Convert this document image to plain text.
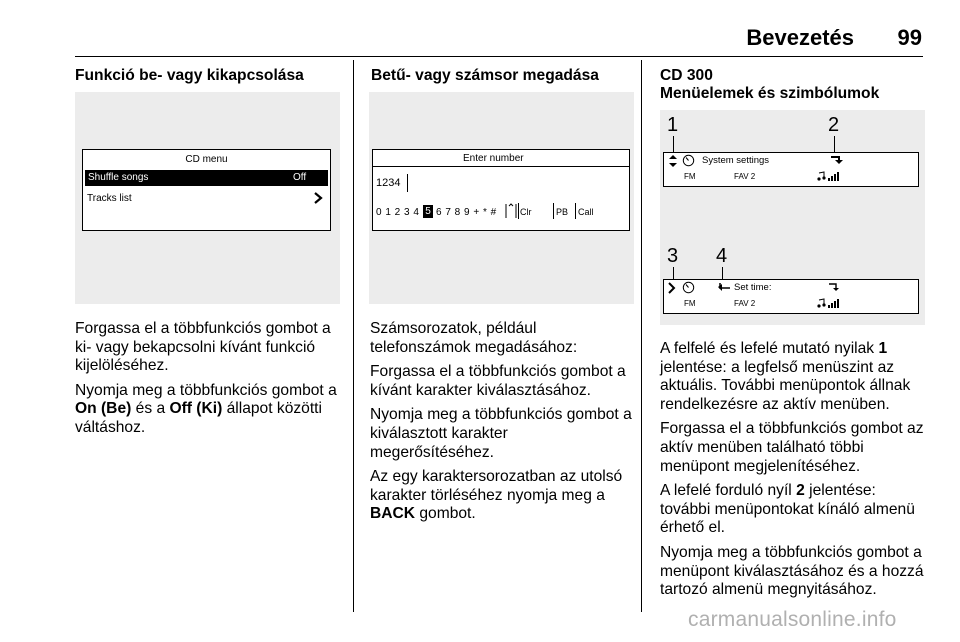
Bevezetés	99
Funkció be- vagy kikapcsolása
CD menu
Shuffle songs	Off
Tracks list

Forgassa el a többfunkciós gombot a ki- vagy bekapcsolni kívánt funkció kijelöléséhez.

Nyomja meg a többfunkciós gombot a On (Be) és a Off (Ki) állapot közötti váltáshoz.

Betű- vagy számsor megadása
Enter number
1234
0 1 2 3 4 5 6 7 8 9 + * #	Clr	PB Call

Számsorozatok, például telefonszámok megadásához:

Forgassa el a többfunkciós gombot a kívánt karakter kiválasztásához.

Nyomja meg a többfunkciós gombot a kiválasztott karakter megerősítéséhez.

Az egy karaktersorozatban az utolsó karakter törléséhez nyomja meg a BACK gombot.

CD 300
Menüelemek és szimbólumok
1	2
System settings
FM	FAV 2
3 4
Set time:
FM	FAV 2

A felfelé és lefelé mutató nyilak 1 jelentése: a legfelső menüszint az aktuális. További menüpontok állnak rendelkezésre az aktív menüben.

Forgassa el a többfunkciós gombot az aktív menüben található többi menüpont megjelenítéséhez.

A lefelé forduló nyíl 2 jelentése: további menüpontokat kínáló almenü érhető el.

Nyomja meg a többfunkciós gombot a menüpont kiválasztásához és a hozzá tartozó almenü megnyitásához.

carmanualsonline.info
